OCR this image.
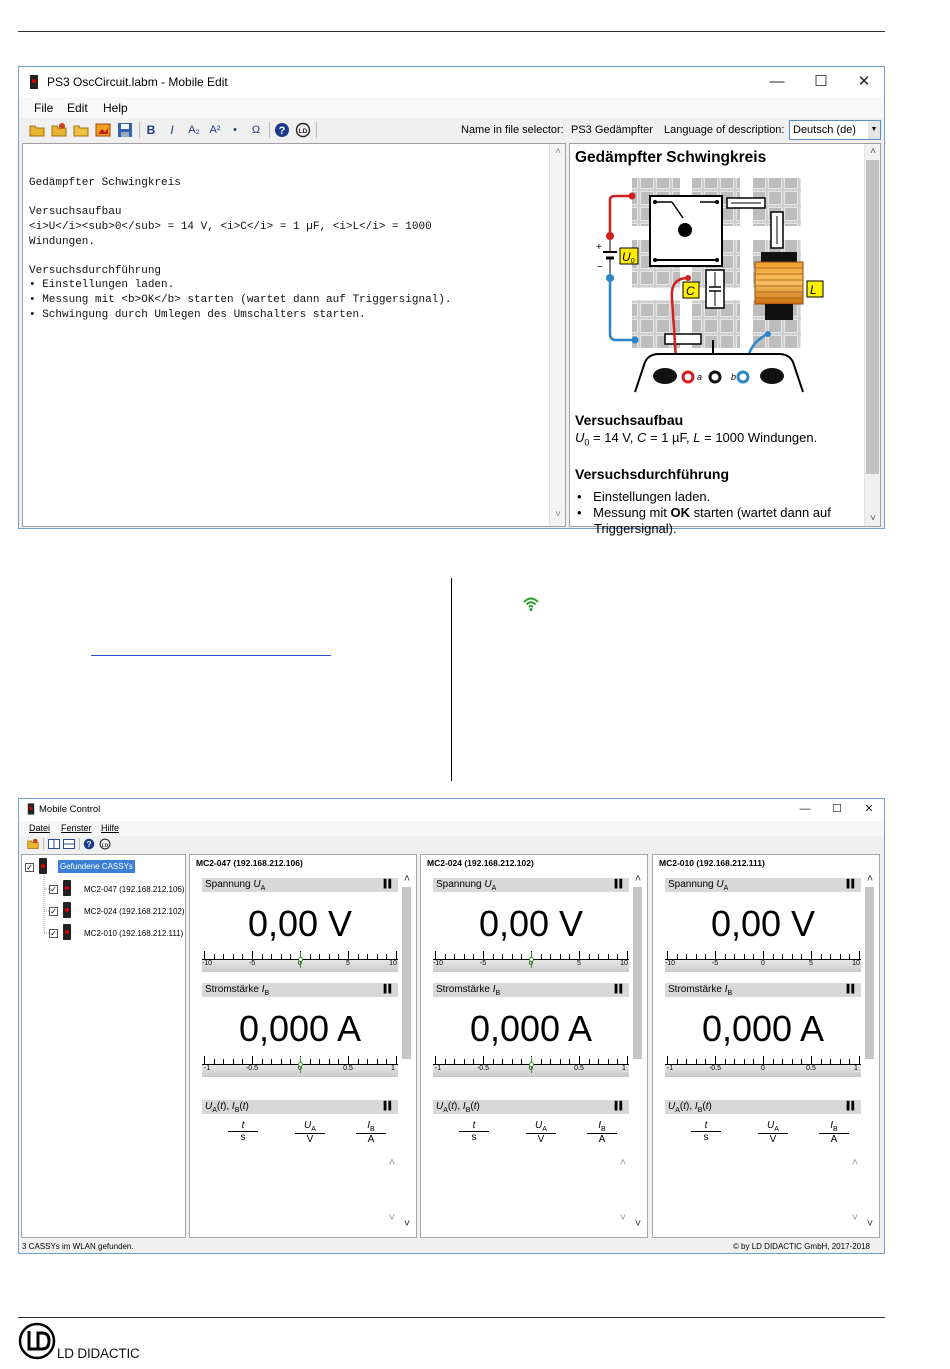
PS3 OscCircuit.labm - Mobile Edit	—	☐	✕
File Edit Help
B	I	A₂ A²	•	Ω	? LD	Name in file selector: PS3 Gedämpfter Language of description: Deutsch (de)	▼

Gedämpfter Schwingkreis

Versuchsaufbau
<i>U</i><sub>0</sub> = 14 V, <i>C</i> = 1 µF, <i>L</i> = 1000
Windungen.

Versuchsdurchführung
• Einstellungen laden.
• Messung mit <b>OK</b> starten (wartet dann auf Triggersignal).
• Schwingung durch Umlegen des Umschalters starten.

˄

˅

Gedämpfter Schwingkreis
+
−
U0
C	L
a	b
Versuchsaufbau
$U_0 = 14$ V, C = 1 µF, L = 1000 Windungen.
Versuchsdurchführung
• Einstellungen laden.
• Messung mit OK starten (wartet dann auf
Triggersignal).
˄
˅
Mobile Control	—	☐	✕
Datei Fenster Hilfe
? LD
✓	Gefundene CASSYs
✓	MC2-047 (192.168.212.106)
✓	MC2-024 (192.168.212.102)
✓	MC2-010 (192.168.212.111)
MC2-047 (192.168.212.106)
Spannung $U_A$
▌▌
0,00 V
-10	-5	5	10
Stromstärke $I_B$
▌▌
0,000 A
-1	-0.5	0.5	1
$U_A(t)$, $I_B(t)$	▌▌
$\frac{t}{s}$	$\frac{U_A}{V}$	$\frac{I_B}{A}$
˄
˅
˄
˅
MC2-024 (192.168.212.102)
Spannung $U_A$
▌▌
0,00 V
-10	-5	5	10
Stromstärke $I_B$
▌▌
0,000 A
-1	-0.5	0.5	1
$U_A(t)$, $I_B(t)$	▌▌
$\frac{t}{s}$	$\frac{U_A}{V}$	$\frac{I_B}{A}$
˄
˅
˄
˅
MC2-010 (192.168.212.111)
Spannung $U_A$
▌▌
0,00 V
-10	-5	0	5	10
Stromstärke $I_B$
▌▌
0,000 A
-1	-0.5	0	0.5	1
$U_A(t)$, $I_B(t)$	▌▌
$\frac{t}{s}$	$\frac{U_A}{V}$	$\frac{I_B}{A}$
˄
˅
˄
˅
3 CASSYs im WLAN gefunden.	© by LD DIDACTIC GmbH, 2017-2018
LD DIDACTIC
